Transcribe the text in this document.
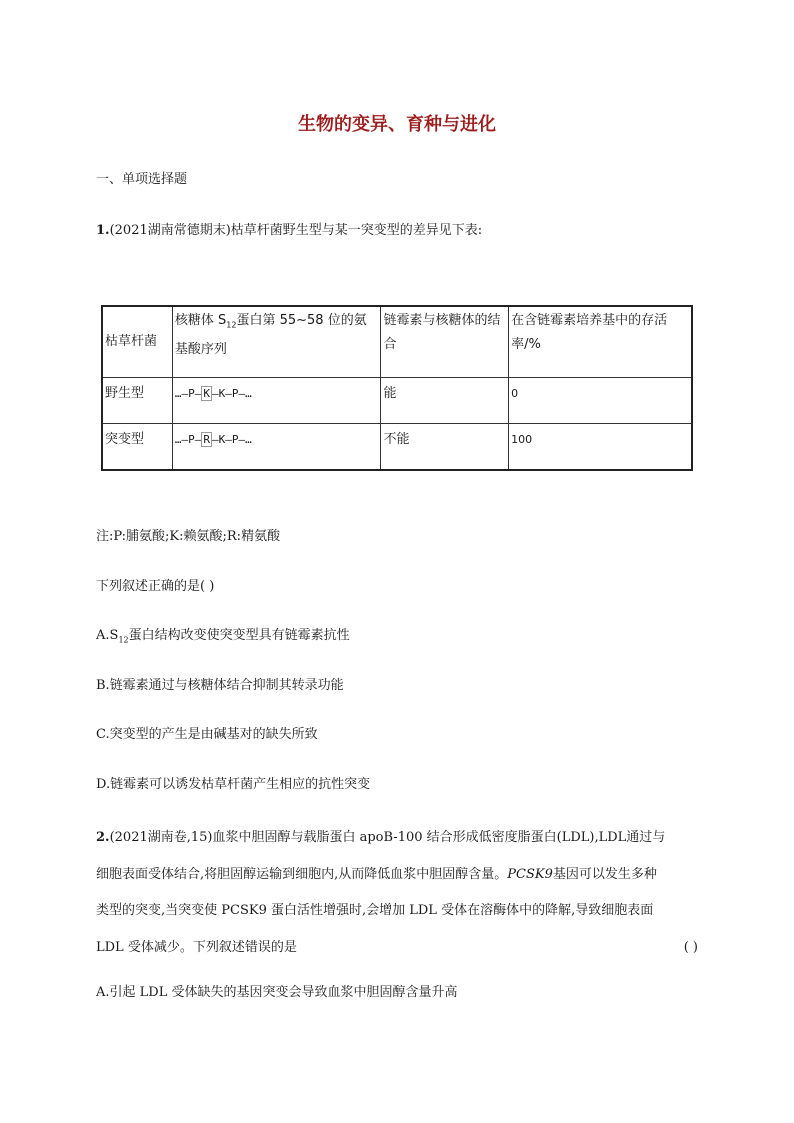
生物的变异、育种与进化
一、单项选择题
1.(2021湖南常德期末)枯草杆菌野生型与某一突变型的差异见下表:
枯草杆菌	核糖体 $S_{12}$蛋白第 55~58 位的氨基酸序列	链霉素与核糖体的结合	在含链霉素培养基中的存活率/%
野生型	…—P— K —K—P—…	能	0
突变型	…—P— R —K—P—…	不能	100
注:P:脯氨酸;K:赖氨酸;R:精氨酸
下列叙述正确的是( )
$A.S_{12}$蛋白结构改变使突变型具有链霉素抗性
B.链霉素通过与核糖体结合抑制其转录功能
C.突变型的产生是由碱基对的缺失所致
D.链霉素可以诱发枯草杆菌产生相应的抗性突变

2.(2021湖南卷,15)血浆中胆固醇与载脂蛋白 apoB-100 结合形成低密度脂蛋白(LDL),LDL通过与

细胞表面受体结合,将胆固醇运输到细胞内,从而降低血浆中胆固醇含量。PCSK9基因可以发生多种

类型的突变,当突变使 PCSK9 蛋白活性增强时,会增加 LDL 受体在溶酶体中的降解,导致细胞表面

LDL 受体减少。下列叙述错误的是	( )

A.引起 LDL 受体缺失的基因突变会导致血浆中胆固醇含量升高
